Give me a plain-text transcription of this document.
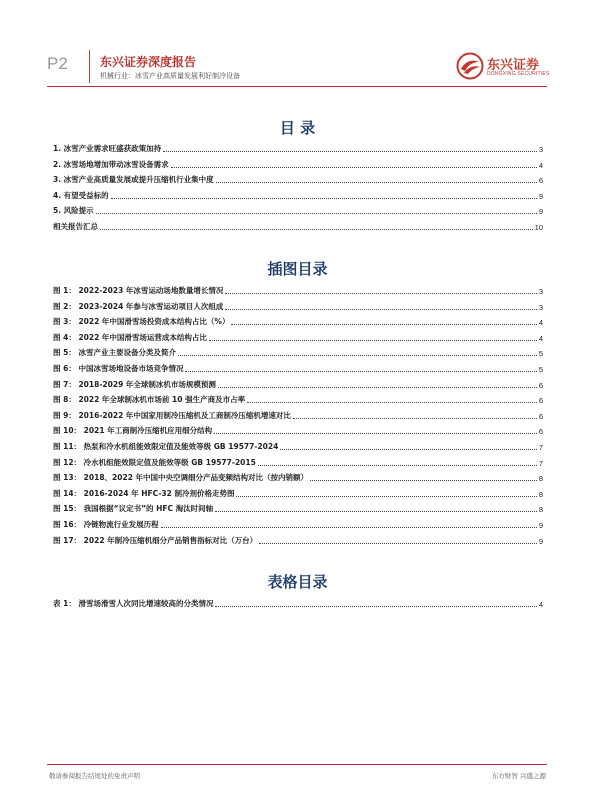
P2	东兴证券深度报告
机械行业：冰雪产业高质量发展利好制冷设备
东兴证券
DONGXING SECURITIES
目 录
1. 冰雪产业需求旺盛获政策加持	3
2. 冰雪场地增加带动冰雪设备需求	4
3. 冰雪产业高质量发展或提升压缩机行业集中度	6
4. 有望受益标的	9
5. 风险提示	9
相关报告汇总	10
插图目录
图 1： 2022-2023 年冰雪运动场地数量增长情况	3
图 2： 2023-2024 年参与冰雪运动项目人次组成	3
图 3： 2022 年中国滑雪场投资成本结构占比（%）	4
图 4： 2022 年中国滑雪场运营成本结构占比	4
图 5： 冰雪产业主要设备分类及简介	5
图 6： 中国冰雪场地设备市场竞争情况	5
图 7： 2018-2029 年全球制冰机市场规模预测	6
图 8： 2022 年全球制冰机市场前 10 强生产商及市占率	6
图 9： 2016-2022 年中国家用制冷压缩机及工商制冷压缩机增速对比	6
图 10： 2021 年工商制冷压缩机应用细分结构	6
图 11： 热泵和冷水机组能效限定值及能效等级 GB 19577-2024	7
图 12： 冷水机组能效限定值及能效等级 GB 19577-2015	7
图 13： 2018、2022 年中国中央空调细分产品变频结构对比（按内销额）	8
图 14： 2016-2024 年 HFC-32 制冷剂价格走势图	8
图 15： 我国根据“议定书”的 HFC 淘汰时间轴	8
图 16： 冷链物流行业发展历程	9
图 17： 2022 年制冷压缩机细分产品销售指标对比（万台）	9
表格目录
表 1： 滑雪场滑雪人次同比增速较高的分类情况	4
敬请参阅报告结尾处的免责声明	东方财智 兴盛之源
